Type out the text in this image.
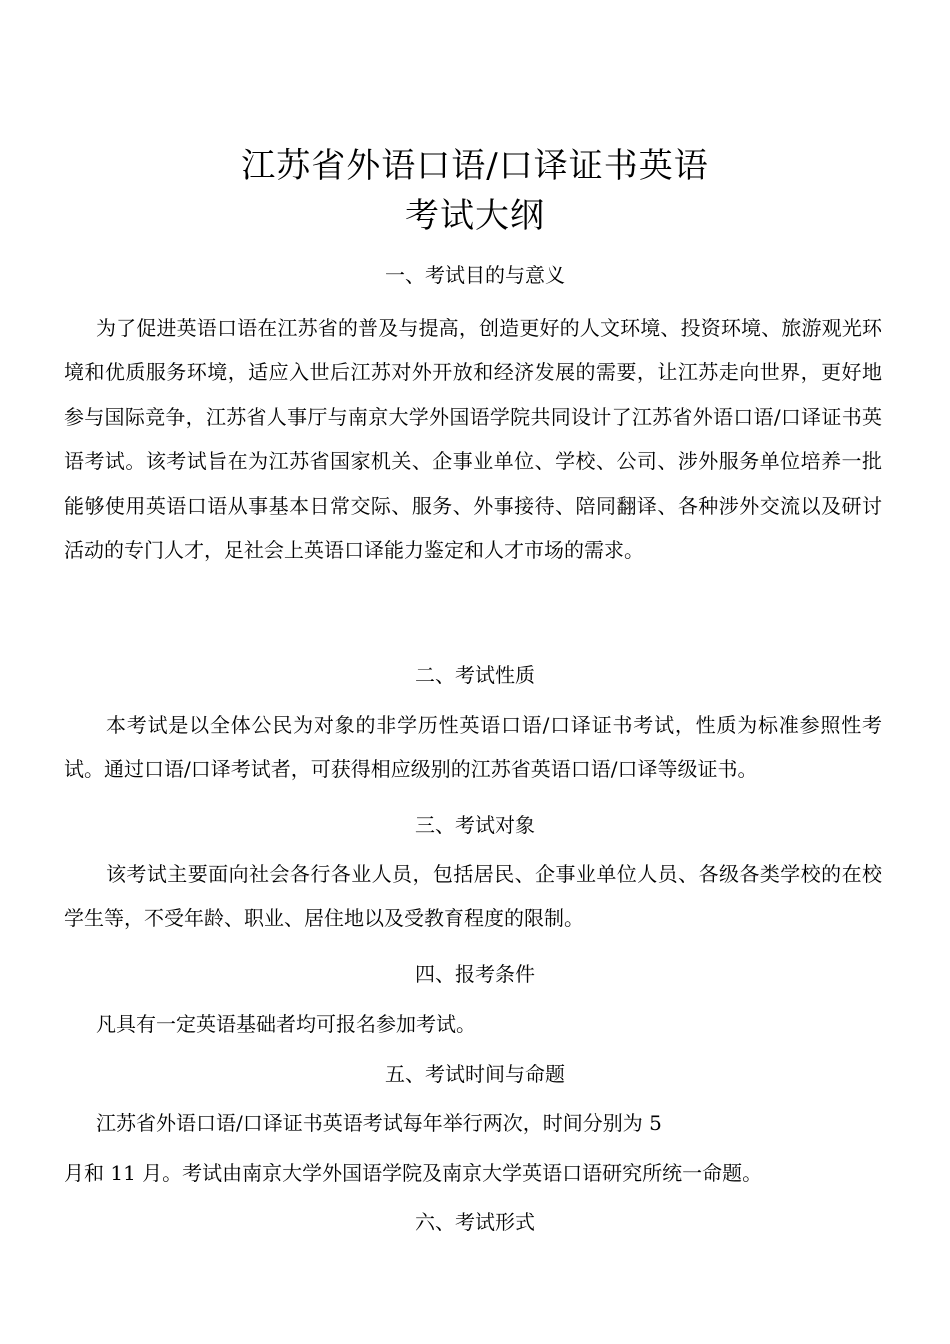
江苏省外语口语/口译证书英语
考试大纲
一、考试目的与意义

为了促进英语口语在江苏省的普及与提高，创造更好的人文环境、投资环境、旅游观光环境和优质服务环境，适应入世后江苏对外开放和经济发展的需要，让江苏走向世界，更好地参与国际竞争，江苏省人事厅与南京大学外国语学院共同设计了江苏省外语口语/口译证书英语考试。该考试旨在为江苏省国家机关、企事业单位、学校、公司、涉外服务单位培养一批能够使用英语口语从事基本日常交际、服务、外事接待、陪同翻译、各种涉外交流以及研讨活动的专门人才，足社会上英语口译能力鉴定和人才市场的需求。

二、考试性质

本考试是以全体公民为对象的非学历性英语口语/口译证书考试，性质为标准参照性考试。通过口语/口译考试者，可获得相应级别的江苏省英语口语/口译等级证书。

三、考试对象

该考试主要面向社会各行各业人员，包括居民、企事业单位人员、各级各类学校的在校学生等，不受年龄、职业、居住地以及受教育程度的限制。

四、报考条件
凡具有一定英语基础者均可报名参加考试。
五、考试时间与命题
江苏省外语口语/口译证书英语考试每年举行两次，时间分别为 5
月和 11 月。考试由南京大学外国语学院及南京大学英语口语研究所统一命题。
六、考试形式
